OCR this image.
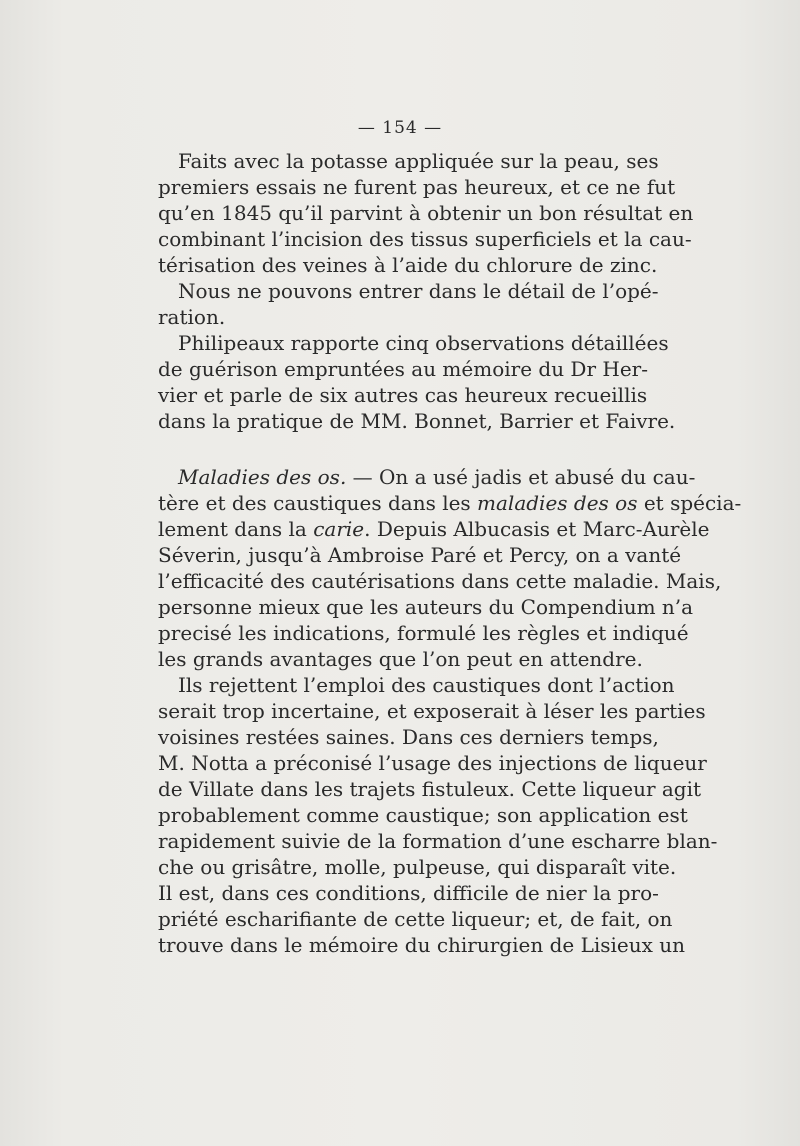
— 154 —
Faits avec la potasse appliquée sur la peau, ses
premiers essais ne furent pas heureux, et ce ne fut
qu’en 1845 qu’il parvint à obtenir un bon résultat en
combinant l’incision des tissus superficiels et la cau-
térisation des veines à l’aide du chlorure de zinc.
Nous ne pouvons entrer dans le détail de l’opé-
ration.
Philipeaux rapporte cinq observations détaillées
de guérison empruntées au mémoire du Dr Her-
vier et parle de six autres cas heureux recueillis
dans la pratique de MM. Bonnet, Barrier et Faivre.
Maladies des os. — On a usé jadis et abusé du cau-
tère et des caustiques dans les maladies des os et spécia-
lement dans la carie. Depuis Albucasis et Marc-Aurèle
Séverin, jusqu’à Ambroise Paré et Percy, on a vanté
l’efficacité des cautérisations dans cette maladie. Mais,
personne mieux que les auteurs du Compendium n’a
precisé les indications, formulé les règles et indiqué
les grands avantages que l’on peut en attendre.
Ils rejettent l’emploi des caustiques dont l’action
serait trop incertaine, et exposerait à léser les parties
voisines restées saines. Dans ces derniers temps,
M. Notta a préconisé l’usage des injections de liqueur
de Villate dans les trajets fistuleux. Cette liqueur agit
probablement comme caustique; son application est
rapidement suivie de la formation d’une escharre blan-
che ou grisâtre, molle, pulpeuse, qui disparaît vite.
Il est, dans ces conditions, difficile de nier la pro-
priété escharifiante de cette liqueur; et, de fait, on
trouve dans le mémoire du chirurgien de Lisieux un
